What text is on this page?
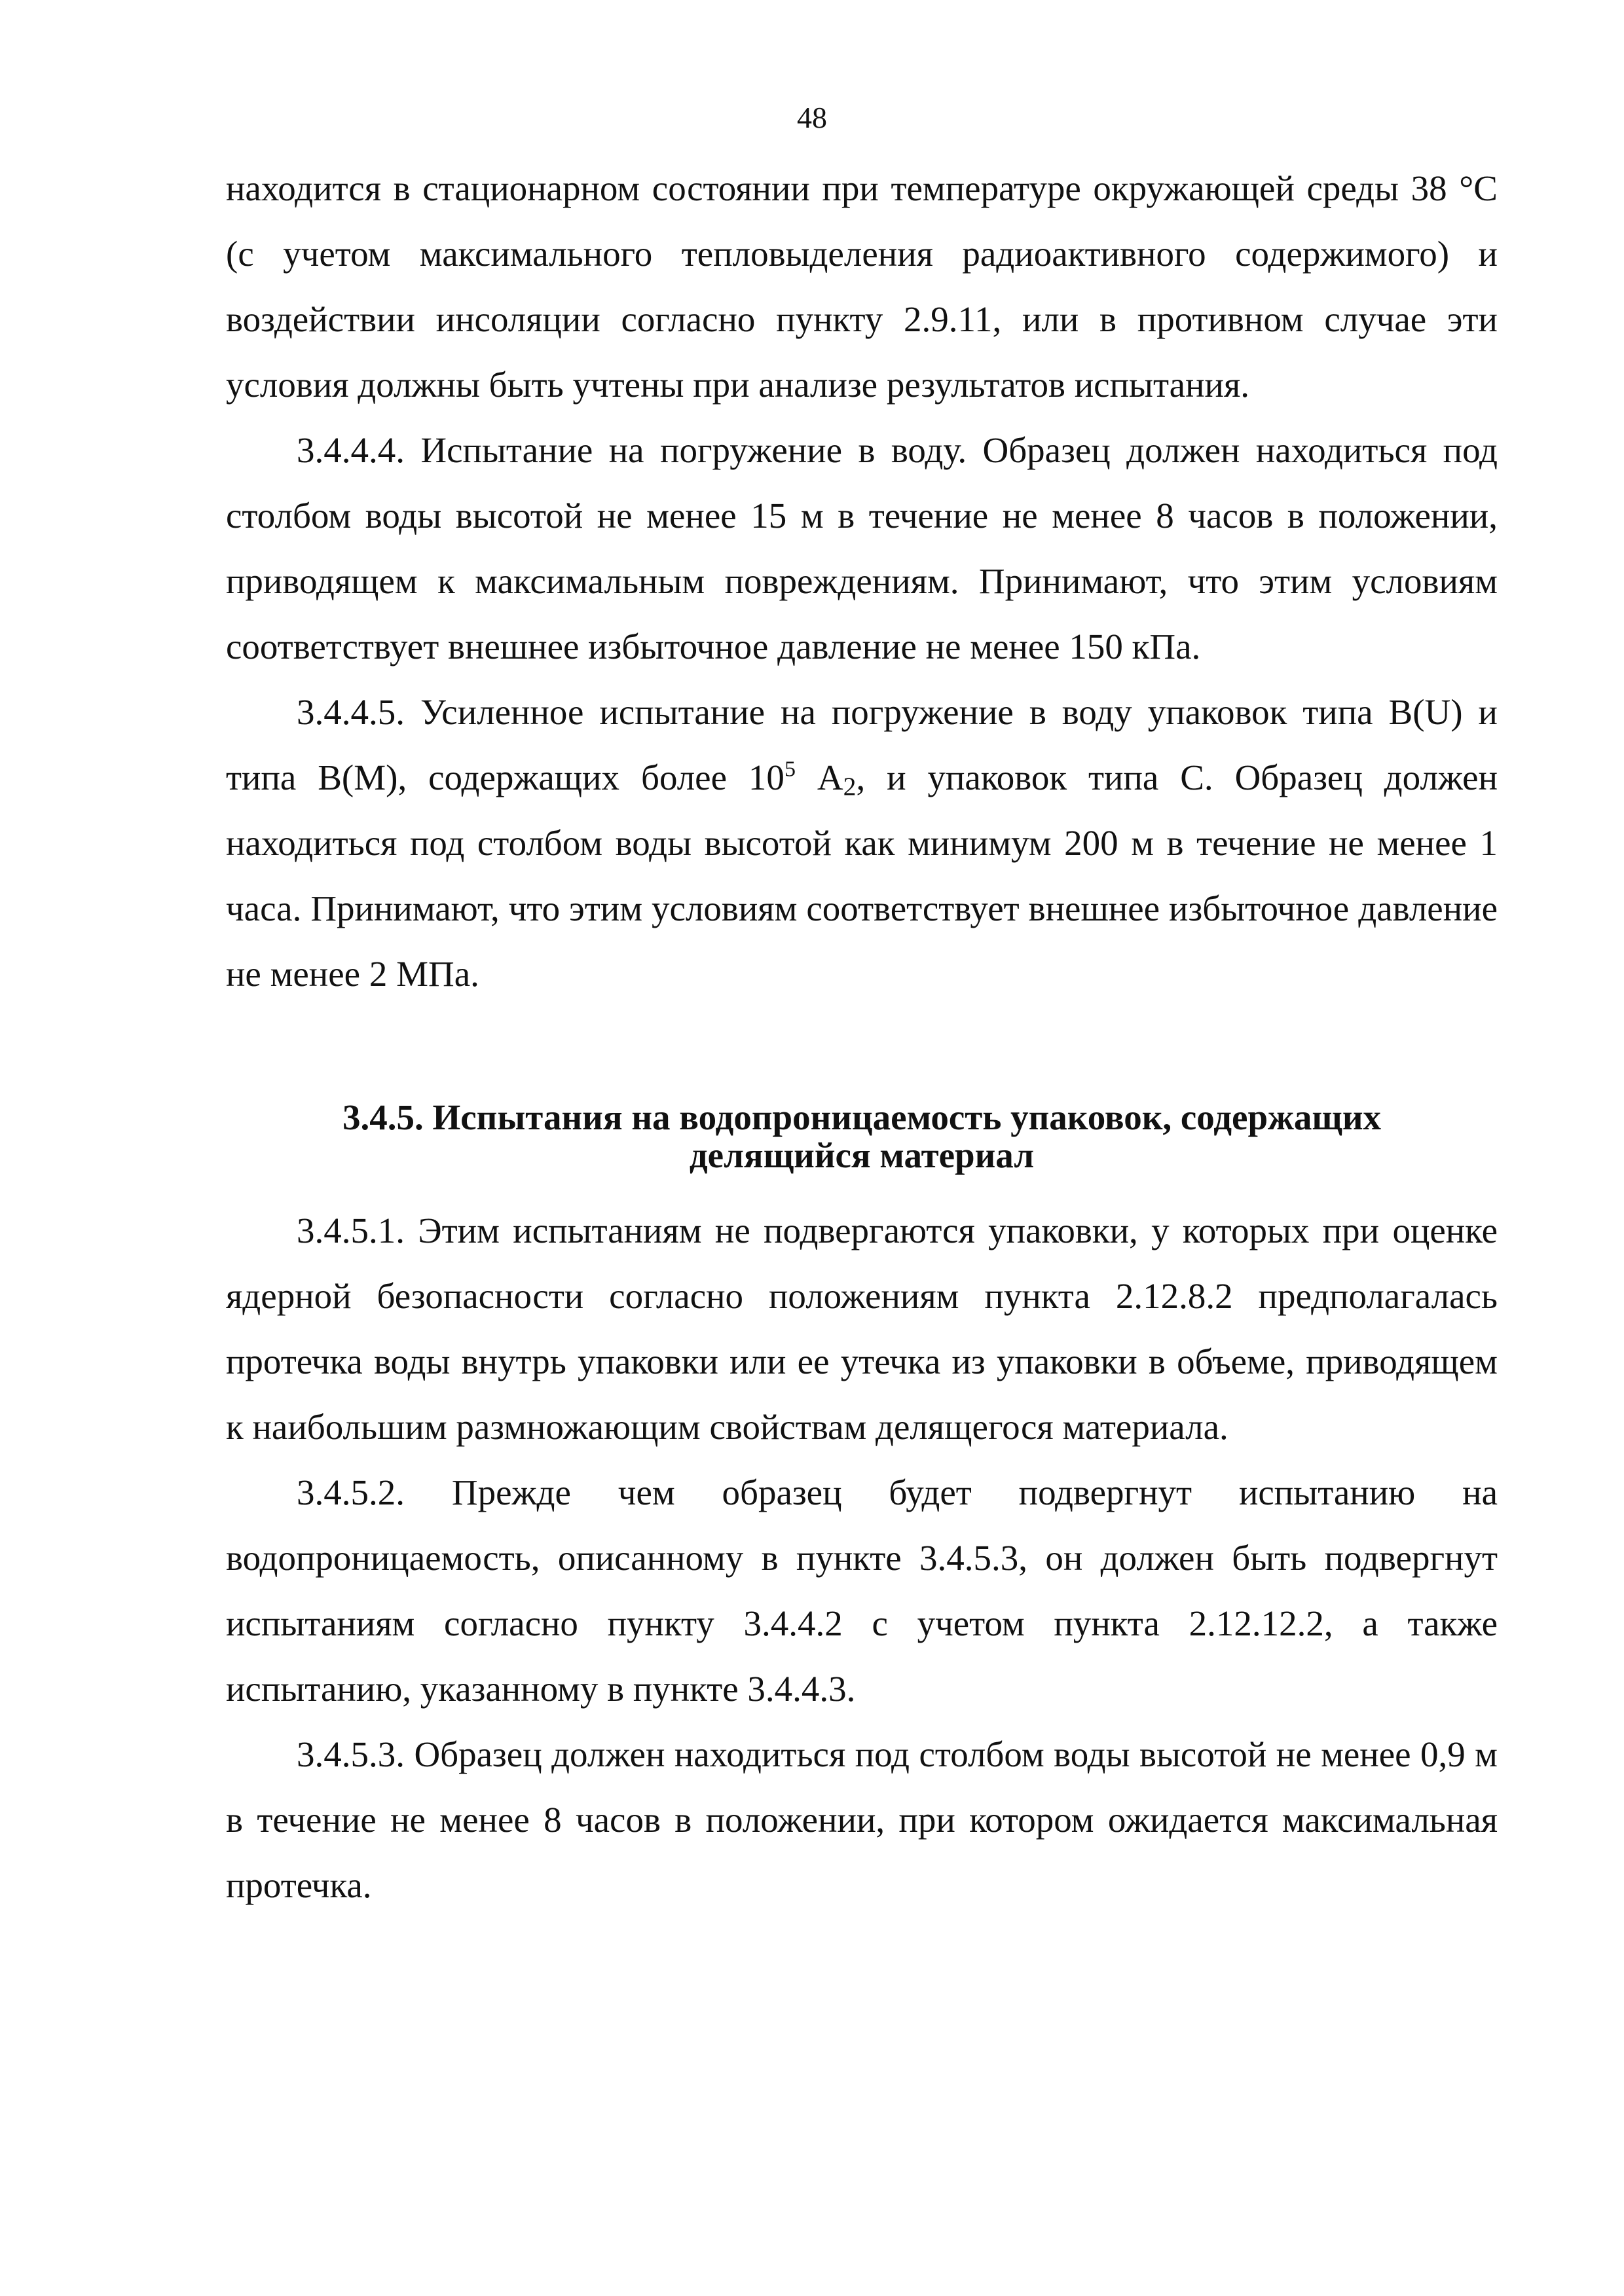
48

находится в стационарном состоянии при температуре окружающей среды 38 °С (с учетом максимального тепловыделения радиоактивного содержимого) и воздействии инсоляции согласно пункту 2.9.11, или в противном случае эти условия должны быть учтены при анализе результатов испытания.

3.4.4.4. Испытание на погружение в воду. Образец должен находиться под столбом воды высотой не менее 15 м в течение не менее 8 часов в положении, приводящем к максимальным повреждениям. Принимают, что этим условиям соответствует внешнее избыточное давление не менее 150 кПа.

3.4.4.5. Усиленное испытание на погружение в воду упаковок типа В(U) и типа В(М), содержащих более $10^5$ A2, и упаковок типа С. Образец должен находиться под столбом воды высотой как минимум 200 м в течение не менее 1 часа. Принимают, что этим условиям соответствует внешнее избыточное давление не менее 2 МПа.

3.4.5. Испытания на водопроницаемость упаковок, содержащих делящийся материал

3.4.5.1. Этим испытаниям не подвергаются упаковки, у которых при оценке ядерной безопасности согласно положениям пункта 2.12.8.2 предполагалась протечка воды внутрь упаковки или ее утечка из упаковки в объеме, приводящем к наибольшим размножающим свойствам делящегося материала.

3.4.5.2. Прежде чем образец будет подвергнут испытанию на водопроницаемость, описанному в пункте 3.4.5.3, он должен быть подвергнут испытаниям согласно пункту 3.4.4.2 с учетом пункта 2.12.12.2, а также испытанию, указанному в пункте 3.4.4.3.

3.4.5.3. Образец должен находиться под столбом воды высотой не менее 0,9 м в течение не менее 8 часов в положении, при котором ожидается максимальная протечка.
